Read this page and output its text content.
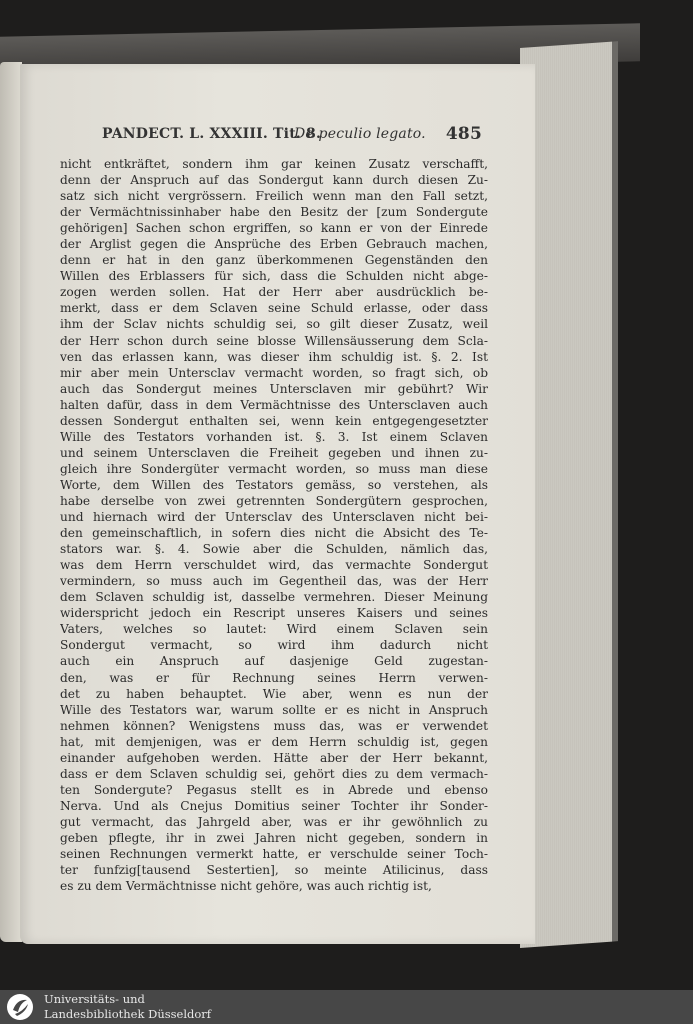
PANDECT. L. XXXIII. Tit. 8.
De peculio legato. 485
nicht entkräftet, sondern ihm gar keinen Zusatz verschafft,
denn der Anspruch auf das Sondergut kann durch diesen Zu-
satz sich nicht vergrössern. Freilich wenn man den Fall setzt,
der Vermächtnissinhaber habe den Besitz der [zum Sondergute
gehörigen] Sachen schon ergriffen, so kann er von der Einrede
der Arglist gegen die Ansprüche des Erben Gebrauch machen,
denn er hat in den ganz überkommenen Gegenständen den
Willen des Erblassers für sich, dass die Schulden nicht abge-
zogen werden sollen. Hat der Herr aber ausdrücklich be-
merkt, dass er dem Sclaven seine Schuld erlasse, oder dass
ihm der Sclav nichts schuldig sei, so gilt dieser Zusatz, weil
der Herr schon durch seine blosse Willensäusserung dem Scla-
ven das erlassen kann, was dieser ihm schuldig ist. §. 2. Ist
mir aber mein Untersclav vermacht worden, so fragt sich, ob
auch das Sondergut meines Untersclaven mir gebührt? Wir
halten dafür, dass in dem Vermächtnisse des Untersclaven auch
dessen Sondergut enthalten sei, wenn kein entgegengesetzter
Wille des Testators vorhanden ist. §. 3. Ist einem Sclaven
und seinem Untersclaven die Freiheit gegeben und ihnen zu-
gleich ihre Sondergüter vermacht worden, so muss man diese
Worte, dem Willen des Testators gemäss, so verstehen, als
habe derselbe von zwei getrennten Sondergütern gesprochen,
und hiernach wird der Untersclav des Untersclaven nicht bei-
den gemeinschaftlich, in sofern dies nicht die Absicht des Te-
stators war. §. 4. Sowie aber die Schulden, nämlich das,
was dem Herrn verschuldet wird, das vermachte Sondergut
vermindern, so muss auch im Gegentheil das, was der Herr
dem Sclaven schuldig ist, dasselbe vermehren. Dieser Meinung
widerspricht jedoch ein Rescript unseres Kaisers und seines
Vaters, welches so lautet: Wird einem Sclaven sein
Sondergut vermacht, so wird ihm dadurch nicht
auch ein Anspruch auf dasjenige Geld zugestan-
den, was er für Rechnung seines Herrn verwen-
det zu haben behauptet. Wie aber, wenn es nun der
Wille des Testators war, warum sollte er es nicht in Anspruch
nehmen können? Wenigstens muss das, was er verwendet
hat, mit demjenigen, was er dem Herrn schuldig ist, gegen
einander aufgehoben werden. Hätte aber der Herr bekannt,
dass er dem Sclaven schuldig sei, gehört dies zu dem vermach-
ten Sondergute? Pegasus stellt es in Abrede und ebenso
Nerva. Und als Cnejus Domitius seiner Tochter ihr Sonder-
gut vermacht, das Jahrgeld aber, was er ihr gewöhnlich zu
geben pflegte, ihr in zwei Jahren nicht gegeben, sondern in
seinen Rechnungen vermerkt hatte, er verschulde seiner Toch-
ter funfzig[tausend Sestertien], so meinte Atilicinus, dass
es zu dem Vermächtnisse nicht gehöre, was auch richtig ist,
Universitäts- und
Landesbibliothek Düsseldorf
